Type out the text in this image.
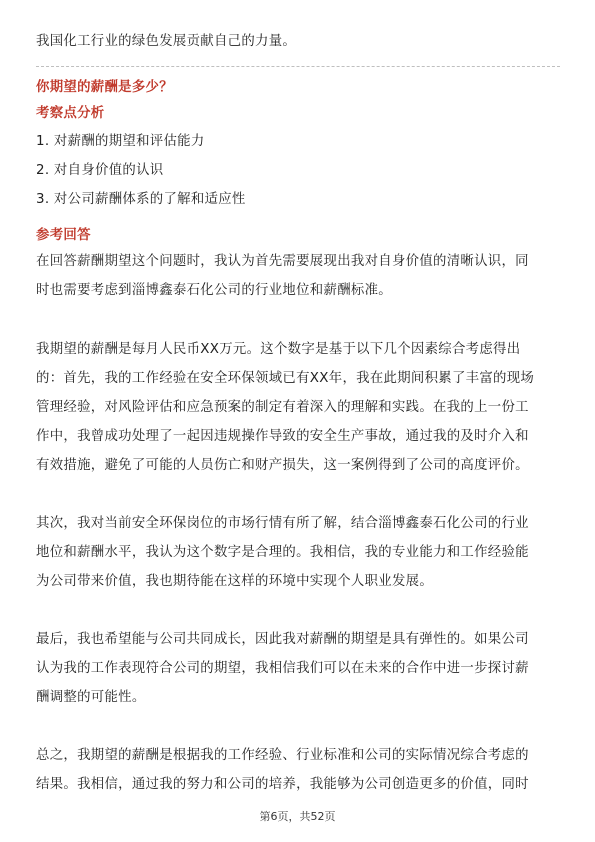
我国化工行业的绿色发展贡献自己的力量。
你期望的薪酬是多少？
考察点分析
1. 对薪酬的期望和评估能力
2. 对自身价值的认识
3. 对公司薪酬体系的了解和适应性
参考回答
在回答薪酬期望这个问题时，我认为首先需要展现出我对自身价值的清晰认识，同
时也需要考虑到淄博鑫泰石化公司的行业地位和薪酬标准。
我期望的薪酬是每月人民币XX万元。这个数字是基于以下几个因素综合考虑得出
的：首先，我的工作经验在安全环保领域已有XX年，我在此期间积累了丰富的现场
管理经验，对风险评估和应急预案的制定有着深入的理解和实践。在我的上一份工
作中，我曾成功处理了一起因违规操作导致的安全生产事故，通过我的及时介入和
有效措施，避免了可能的人员伤亡和财产损失，这一案例得到了公司的高度评价。
其次，我对当前安全环保岗位的市场行情有所了解，结合淄博鑫泰石化公司的行业
地位和薪酬水平，我认为这个数字是合理的。我相信，我的专业能力和工作经验能
为公司带来价值，我也期待能在这样的环境中实现个人职业发展。
最后，我也希望能与公司共同成长，因此我对薪酬的期望是具有弹性的。如果公司
认为我的工作表现符合公司的期望，我相信我们可以在未来的合作中进一步探讨薪
酬调整的可能性。
总之，我期望的薪酬是根据我的工作经验、行业标准和公司的实际情况综合考虑的
结果。我相信，通过我的努力和公司的培养，我能够为公司创造更多的价值，同时
第6页，共52页
